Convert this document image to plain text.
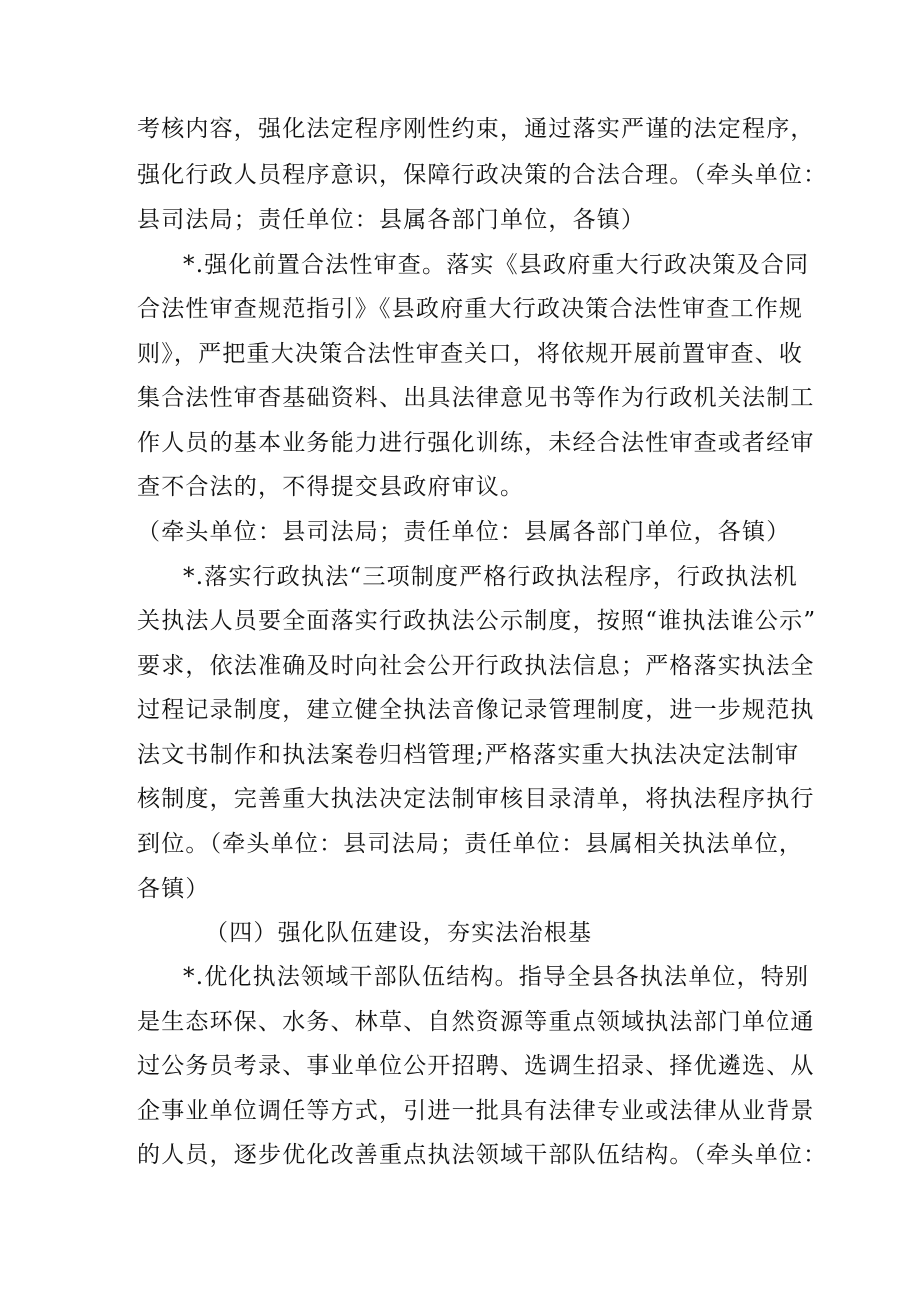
考核内容，强化法定程序刚性约束，通过落实严谨的法定程序，
强化行政人员程序意识，保障行政决策的合法合理。（牵头单位：
县司法局；责任单位：县属各部门单位，各镇）
*.强化前置合法性审查。落实《县政府重大行政决策及合同
合法性审查规范指引》《县政府重大行政决策合法性审查工作规
则》，严把重大决策合法性审查关口，将依规开展前置审查、收
集合法性审杳基础资料、出具法律意见书等作为行政机关法制工
作人员的基本业务能力进行强化训练，未经合法性审查或者经审
查不合法的，不得提交县政府审议。
（牵头单位：县司法局；责任单位：县属各部门单位，各镇）
*.落实行政执法“三项制度严格行政执法程序，行政执法机
关执法人员要全面落实行政执法公示制度，按照“谁执法谁公示”
要求，依法准确及时向社会公开行政执法信息；严格落实执法全
过程记录制度，建立健全执法音像记录管理制度，进一步规范执
法文书制作和执法案卷归档管理;严格落实重大执法决定法制审
核制度，完善重大执法决定法制审核目录清单，将执法程序执行
到位。（牵头单位：县司法局；责任单位：县属相关执法单位，
各镇）
（四）强化队伍建设，夯实法治根基
*.优化执法领域干部队伍结构。指导全县各执法单位，特别
是生态环保、水务、林草、自然资源等重点领域执法部门单位通
过公务员考录、事业单位公开招聘、选调生招录、择优遴选、从
企事业单位调任等方式，引进一批具有法律专业或法律从业背景
的人员，逐步优化改善重点执法领域干部队伍结构。（牵头单位：
